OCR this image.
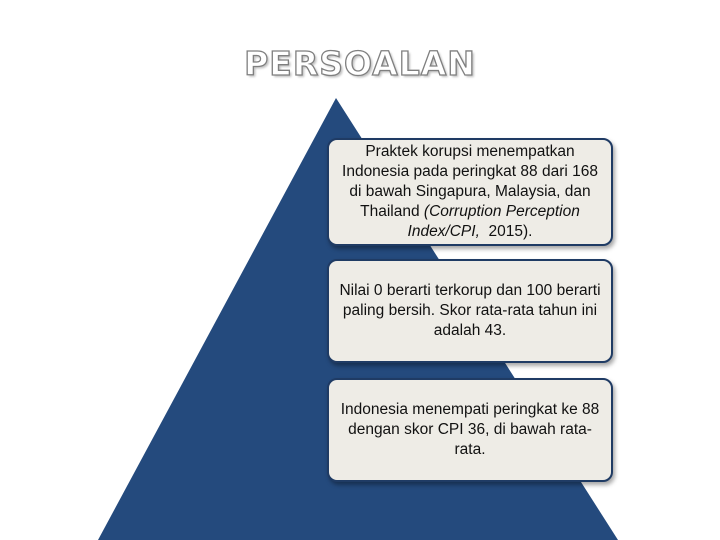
PERSOALAN

Praktek korupsi menempatkan Indonesia pada peringkat 88 dari 168 di bawah Singapura, Malaysia, dan Thailand (Corruption Perception Index/CPI, 2015).

Nilai 0 berarti terkorup dan 100 berarti paling bersih. Skor rata-rata tahun ini adalah 43.

Indonesia menempati peringkat ke 88 dengan skor CPI 36, di bawah rata-rata.
